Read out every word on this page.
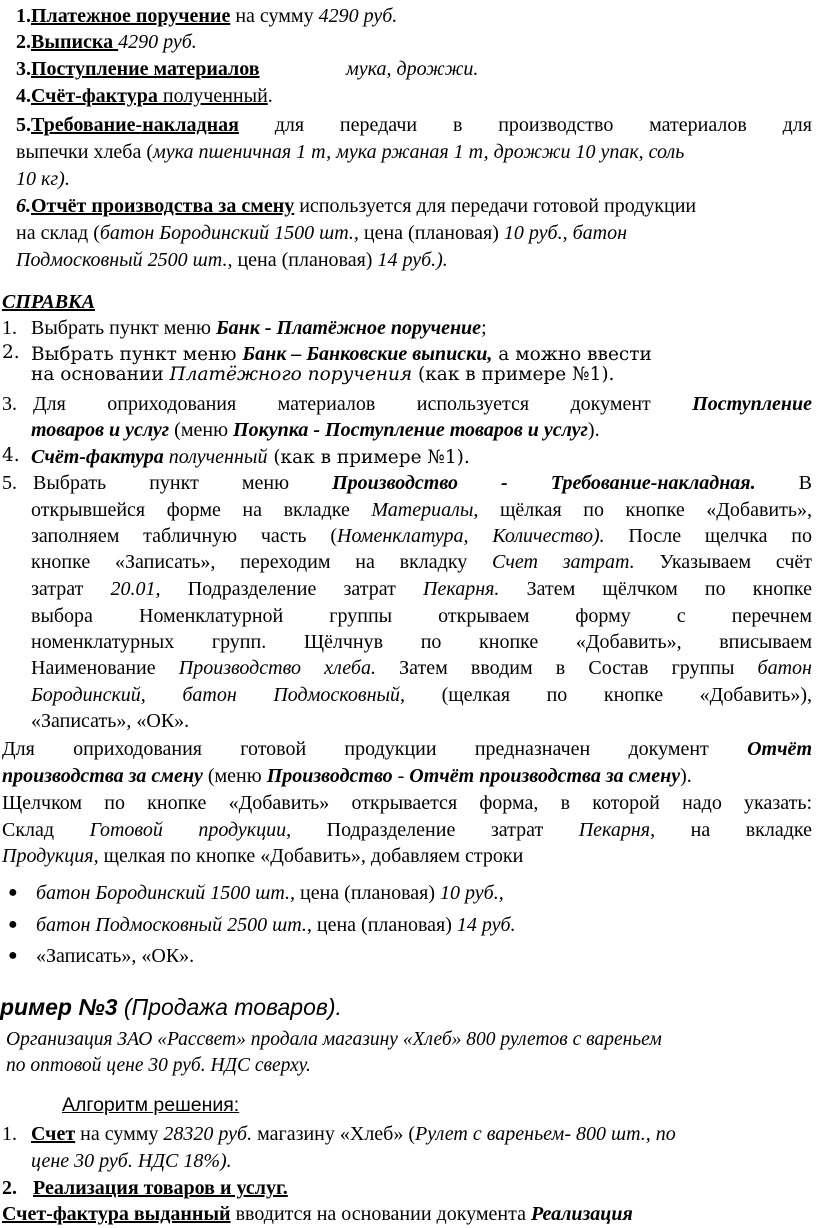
1.Платежное поручение на сумму 4290 руб.
2.Выписка 4290 руб.
3.Поступление материалов	мука, дрожжи.
4.Счёт-фактура полученный.
5.Требование-накладная для передачи в производство материалов для
выпечки хлеба (мука пшеничная 1 т, мука ржаная 1 т, дрожжи 10 упак, соль
10 кг).
6.Отчёт производства за смену используется для передачи готовой продукции
на склад (батон Бородинский 1500 шт., цена (плановая) 10 руб., батон
Подмосковный 2500 шт., цена (плановая) 14 руб.).
СПРАВКА
1. Выбрать пункт меню Банк - Платёжное поручение;
2. Выбрать пункт меню Банк – Банковские выписки, а можно ввести
на основании Платёжного поручения (как в примере №1).
3. Для оприходования материалов используется документ Поступление
товаров и услуг (меню Покупка - Поступление товаров и услуг).
4. Счёт-фактура полученный (как в примере №1).
5. Выбрать пункт меню Производство - Требование-накладная. В
открывшейся форме на вкладке Материалы, щёлкая по кнопке «Добавить»,
заполняем табличную часть (Номенклатура, Количество). После щелчка по
кнопке «Записать», переходим на вкладку Счет затрат. Указываем счёт
затрат 20.01, Подразделение затрат Пекарня. Затем щёлчком по кнопке
выбора Номенклатурной группы открываем форму с перечнем
номенклатурных групп. Щёлчнув по кнопке «Добавить», вписываем
Наименование Производство хлеба. Затем вводим в Состав группы батон
Бородинский, батон Подмосковный, (щелкая по кнопке «Добавить»),
«Записать», «ОК».
Для оприходования готовой продукции предназначен документ Отчёт
производства за смену (меню Производство - Отчёт производства за смену).
Щелчком по кнопке «Добавить» открывается форма, в которой надо указать:
Склад Готовой продукции, Подразделение затрат Пекарня, на вкладке
Продукция, щелкая по кнопке «Добавить», добавляем строки
● батон Бородинский 1500 шт., цена (плановая) 10 руб.,
● батон Подмосковный 2500 шт., цена (плановая) 14 руб.
● «Записать», «ОК».
ример №3 (Продажа товаров).
Организация ЗАО «Рассвет» продала магазину «Хлеб» 800 рулетов с вареньем
по оптовой цене 30 руб. НДС сверху.
Алгоритм решения:
1. Счет на сумму 28320 руб. магазину «Хлеб» (Рулет с вареньем- 800 шт., по
цене 30 руб. НДС 18%).
2. Реализация товаров и услуг.
Счет-фактура выданный вводится на основании документа Реализация
